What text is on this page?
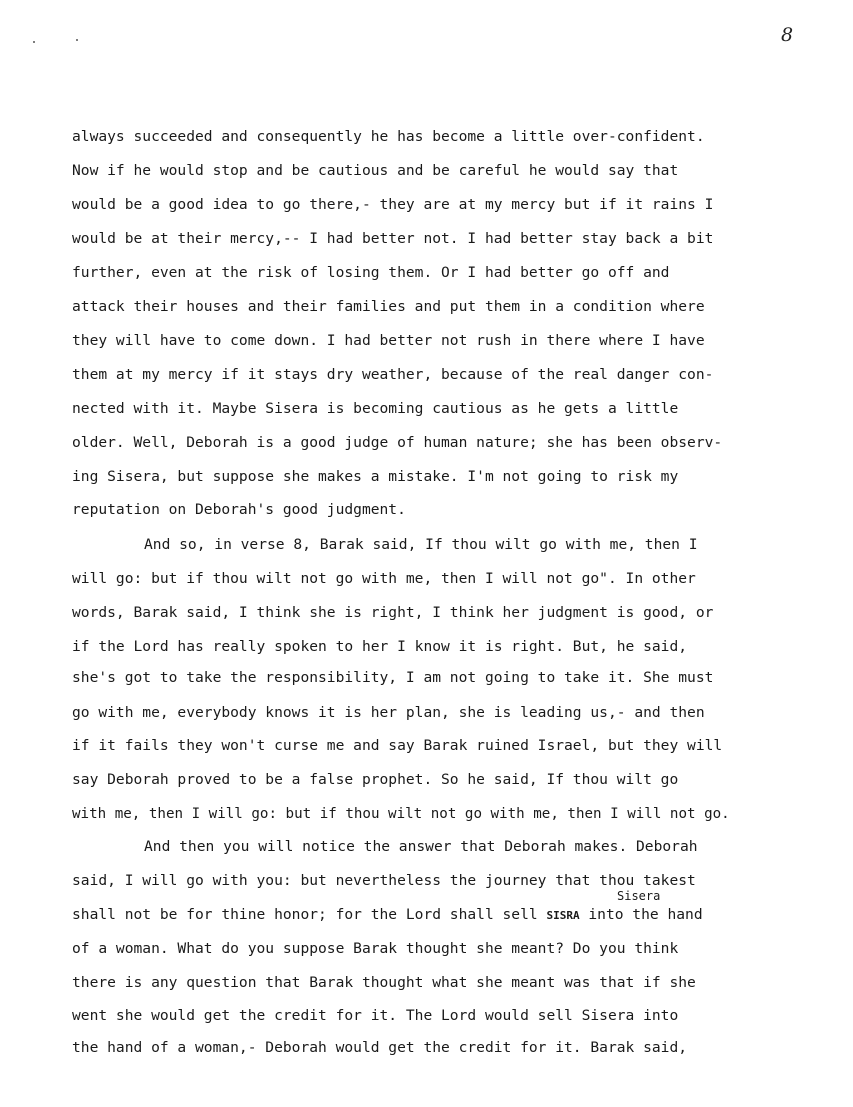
8
always succeeded and consequently he has become a little over-confident.
Now if he would stop and be cautious and be careful he would say that
would be a good idea to go there,- they are at my mercy but if it rains I
would be at their mercy,-- I had better not. I had better stay back a bit
further, even at the risk of losing them. Or I had better go off and
attack their houses and their families and put them in a condition where
they will have to come down. I had better not rush in there where I have
them at my mercy if it stays dry weather, because of the real danger con-
nected with it. Maybe Sisera is becoming cautious as he gets a little
older. Well, Deborah is a good judge of human nature; she has been observ-
ing Sisera, but suppose she makes a mistake. I'm not going to risk my
reputation on Deborah's good judgment.
And so, in verse 8, Barak said, If thou wilt go with me, then I
will go: but if thou wilt not go with me, then I will not go". In other
words, Barak said, I think she is right, I think her judgment is good, or
if the Lord has really spoken to her I know it is right. But, he said,
she's got to take the responsibility, I am not going to take it. She must
go with me, everybody knows it is her plan, she is leading us,- and then
if it fails they won't curse me and say Barak ruined Israel, but they will
say Deborah proved to be a false prophet. So he said, If thou wilt go
with me, then I will go: but if thou wilt not go with me, then I will not go.
And then you will notice the answer that Deborah makes. Deborah
said, I will go with you: but nevertheless the journey that thou takest
Sisera
shall not be for thine honor; for the Lord shall sell SISRA into the hand
of a woman. What do you suppose Barak thought she meant? Do you think
there is any question that Barak thought what she meant was that if she
went she would get the credit for it. The Lord would sell Sisera into
the hand of a woman,- Deborah would get the credit for it. Barak said,
